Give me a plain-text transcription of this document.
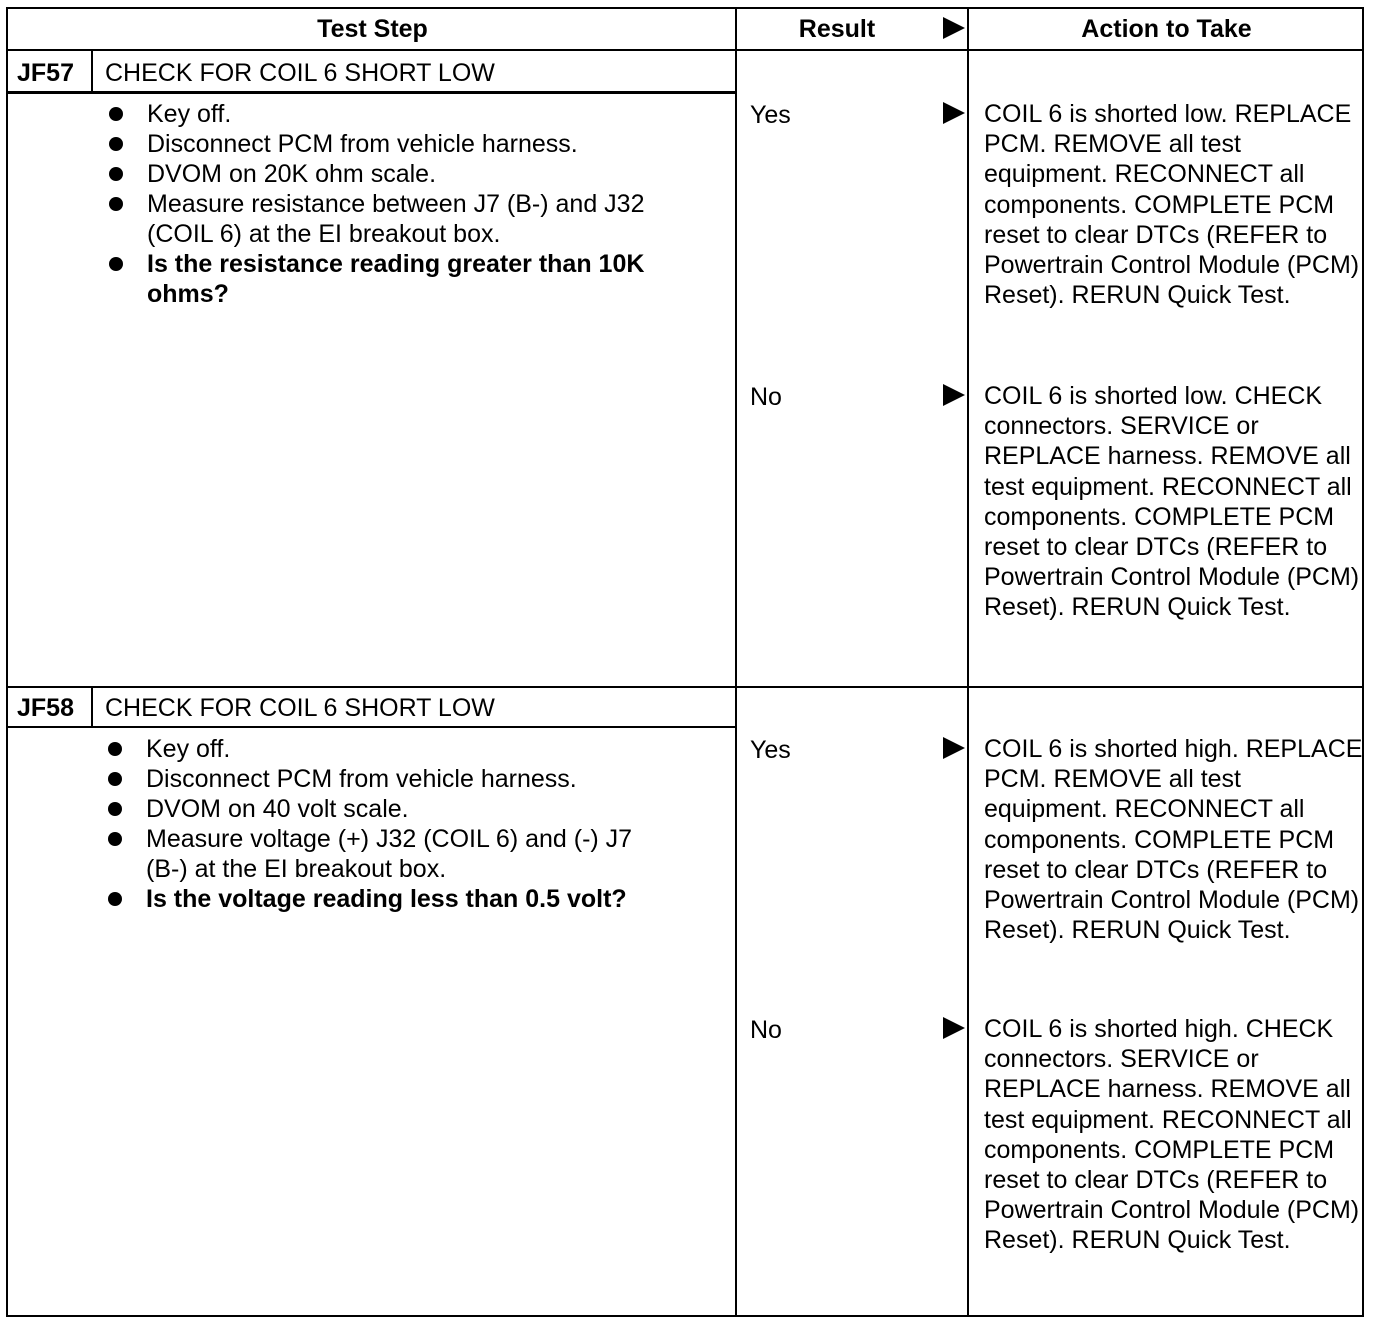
Test Step	Result	Action to Take
JF57 CHECK FOR COIL 6 SHORT LOW
Key off.
Disconnect PCM from vehicle harness.
DVOM on 20K ohm scale.
Measure resistance between J7 (B-) and J32 (COIL 6) at the EI breakout box.
Is the resistance reading greater than 10K ohms?
Yes	COIL 6 is shorted low. REPLACE PCM. REMOVE all test equipment. RECONNECT all components. COMPLETE PCM reset to clear DTCs (REFER to Powertrain Control Module (PCM) Reset). RERUN Quick Test.
No	COIL 6 is shorted low. CHECK connectors. SERVICE or REPLACE harness. REMOVE all test equipment. RECONNECT all components. COMPLETE PCM reset to clear DTCs (REFER to Powertrain Control Module (PCM) Reset). RERUN Quick Test.
JF58 CHECK FOR COIL 6 SHORT LOW
Key off.
Disconnect PCM from vehicle harness.
DVOM on 40 volt scale.
Measure voltage (+) J32 (COIL 6) and (-) J7 (B-) at the EI breakout box.
Is the voltage reading less than 0.5 volt?
Yes	COIL 6 is shorted high. REPLACE PCM. REMOVE all test equipment. RECONNECT all components. COMPLETE PCM reset to clear DTCs (REFER to Powertrain Control Module (PCM) Reset). RERUN Quick Test.
No	COIL 6 is shorted high. CHECK connectors. SERVICE or REPLACE harness. REMOVE all test equipment. RECONNECT all components. COMPLETE PCM reset to clear DTCs (REFER to Powertrain Control Module (PCM) Reset). RERUN Quick Test.
